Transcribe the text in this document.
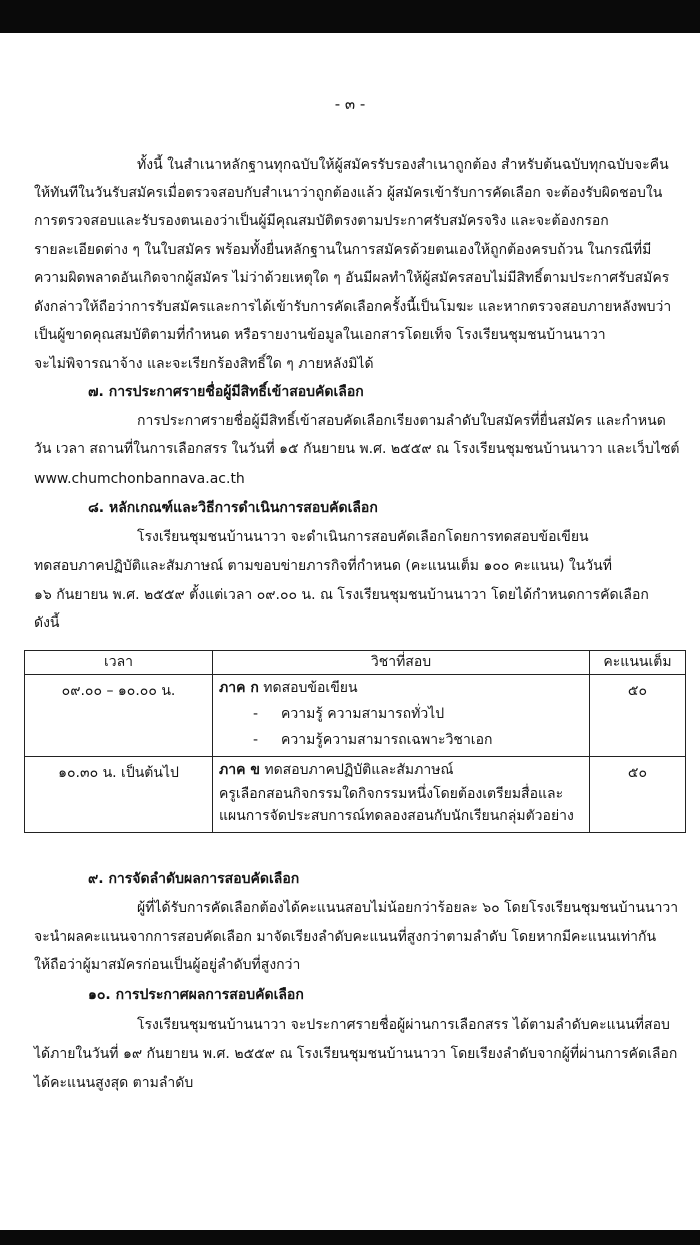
- ๓ -
ทั้งนี้ ในสำเนาหลักฐานทุกฉบับให้ผู้สมัครรับรองสำเนาถูกต้อง สำหรับต้นฉบับทุกฉบับจะคืน
ให้ทันทีในวันรับสมัครเมื่อตรวจสอบกับสำเนาว่าถูกต้องแล้ว ผู้สมัครเข้ารับการคัดเลือก จะต้องรับผิดชอบใน
การตรวจสอบและรับรองตนเองว่าเป็นผู้มีคุณสมบัติตรงตามประกาศรับสมัครจริง และจะต้องกรอก
รายละเอียดต่าง ๆ ในใบสมัคร พร้อมทั้งยื่นหลักฐานในการสมัครด้วยตนเองให้ถูกต้องครบถ้วน ในกรณีที่มี
ความผิดพลาดอันเกิดจากผู้สมัคร ไม่ว่าด้วยเหตุใด ๆ อันมีผลทำให้ผู้สมัครสอบไม่มีสิทธิ์ตามประกาศรับสมัคร
ดังกล่าวให้ถือว่าการรับสมัครและการได้เข้ารับการคัดเลือกครั้งนี้เป็นโมฆะ และหากตรวจสอบภายหลังพบว่า
เป็นผู้ขาดคุณสมบัติตามที่กำหนด หรือรายงานข้อมูลในเอกสารโดยเท็จ โรงเรียนชุมชนบ้านนาวา
จะไม่พิจารณาจ้าง และจะเรียกร้องสิทธิ์ใด ๆ ภายหลังมิได้
๗. การประกาศรายชื่อผู้มีสิทธิ์เข้าสอบคัดเลือก
การประกาศรายชื่อผู้มีสิทธิ์เข้าสอบคัดเลือกเรียงตามลำดับใบสมัครที่ยื่นสมัคร และกำหนด
วัน เวลา สถานที่ในการเลือกสรร ในวันที่ ๑๕ กันยายน พ.ศ. ๒๕๕๙ ณ โรงเรียนชุมชนบ้านนาวา และเว็บไซต์
www.chumchonbannava.ac.th
๘. หลักเกณฑ์และวิธีการดำเนินการสอบคัดเลือก
โรงเรียนชุมชนบ้านนาวา จะดำเนินการสอบคัดเลือกโดยการทดสอบข้อเขียน
ทดสอบภาคปฏิบัติและสัมภาษณ์ ตามขอบข่ายภารกิจที่กำหนด (คะแนนเต็ม ๑๐๐ คะแนน) ในวันที่
๑๖ กันยายน พ.ศ. ๒๕๕๙ ตั้งแต่เวลา ๐๙.๐๐ น. ณ โรงเรียนชุมชนบ้านนาวา โดยได้กำหนดการคัดเลือก
ดังนี้
เวลา	วิชาที่สอบ	คะแนนเต็ม
๐๙.๐๐ – ๑๐.๐๐ น.	ภาค ก ทดสอบข้อเขียน
- ความรู้ ความสามารถทั่วไป
- ความรู้ความสามารถเฉพาะวิชาเอก	๕๐
๑๐.๓๐ น. เป็นต้นไป	ภาค ข ทดสอบภาคปฏิบัติและสัมภาษณ์
ครูเลือกสอนกิจกรรมใดกิจกรรมหนึ่งโดยต้องเตรียมสื่อและ
แผนการจัดประสบการณ์ทดลองสอนกับนักเรียนกลุ่มตัวอย่าง	๕๐
๙. การจัดลำดับผลการสอบคัดเลือก
ผู้ที่ได้รับการคัดเลือกต้องได้คะแนนสอบไม่น้อยกว่าร้อยละ ๖๐ โดยโรงเรียนชุมชนบ้านนาวา
จะนำผลคะแนนจากการสอบคัดเลือก มาจัดเรียงลำดับคะแนนที่สูงกว่าตามลำดับ โดยหากมีคะแนนเท่ากัน
ให้ถือว่าผู้มาสมัครก่อนเป็นผู้อยู่ลำดับที่สูงกว่า
๑๐. การประกาศผลการสอบคัดเลือก
โรงเรียนชุมชนบ้านนาวา จะประกาศรายชื่อผู้ผ่านการเลือกสรร ได้ตามลำดับคะแนนที่สอบ
ได้ภายในวันที่ ๑๙ กันยายน พ.ศ. ๒๕๕๙ ณ โรงเรียนชุมชนบ้านนาวา โดยเรียงลำดับจากผู้ที่ผ่านการคัดเลือก
ได้คะแนนสูงสุด ตามลำดับ
